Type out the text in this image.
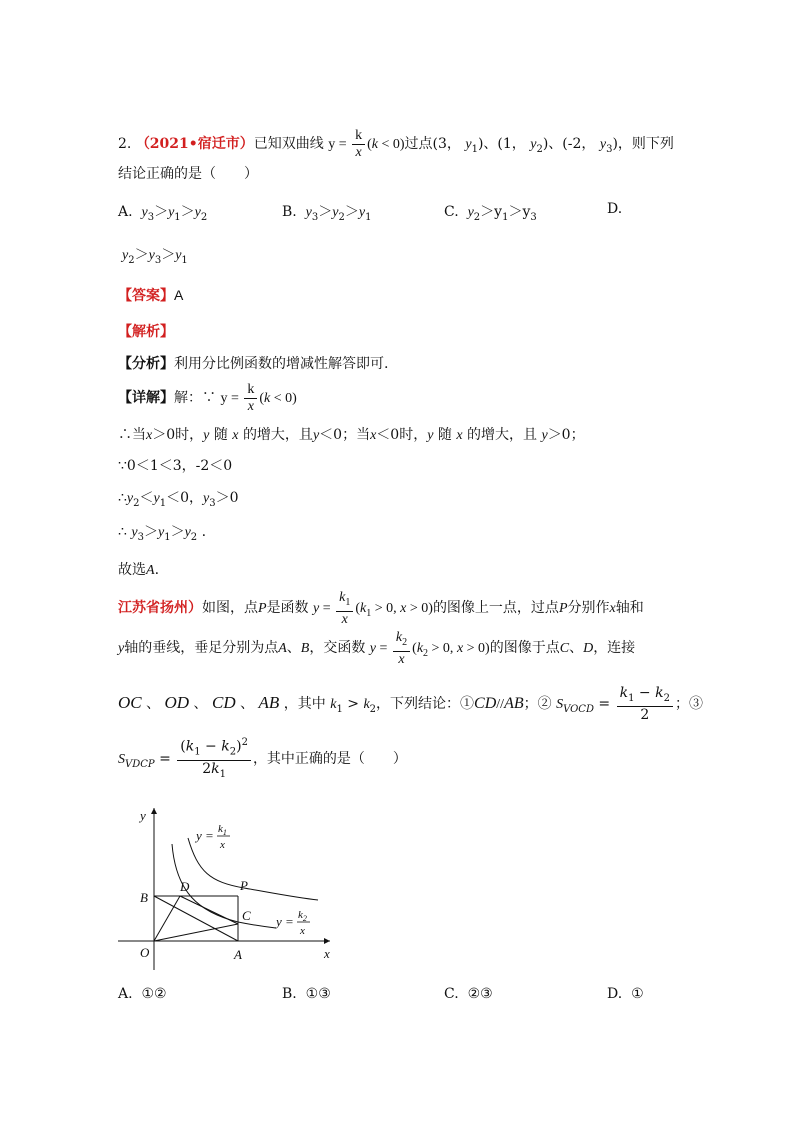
2. （2021•宿迁市）已知双曲线 $y = \frac{k}{x} (k < 0)$过点(3， $y_1$)、(1， $y_2$)、(-2， $y_3$)，则下列
结论正确的是（　　）
A. $y_3>y_1>y_2$	B. $y_3>y_2>y_1$	C. $y_2>y_1>y_3$
D.
$y_2>y_3>y_1$
【答案】A
【解析】
【分析】利用分比例函数的增减性解答即可.
【详解】解：∵ $y = \frac{k}{x} (k < 0)$
∴当x＞0时，y 随 x 的增大，且y＜0；当x＜0时，y 随 x 的增大，且 y＞0；
∵0＜1＜3，-2＜0
$\therefore y_2<y_1<0$，$y_3>0$
∴ $y_3>y_1>y_2$ .
故选A.
江苏省扬州）如图，点P是函数 $y = \frac{k_1}{x} (k_1 > 0$, x > 0)的图像上一点，过点P分别作x轴和
y轴的垂线，垂足分别为点A、B，交函数 $y = \frac{k_2}{x} (k_2 > 0$, x > 0)的图像于点C、D，连接
OC 、 OD 、 CD 、 AB ，其中 $k_1 > k_2$，下列结论：①CD//AB；② $S_{VOCD} = \frac{k_1 - k_2}{2}$ ；③
$S_{VDCP} = \frac{(k_1 - k_2)^2}{2k_1}$ ，其中正确的是（　　）
y
x
O
B
D	P
C
A
$y = k_1$
x
$y = k_2$
x
A. ①②	B. ①③	C. ②③	D. ①
